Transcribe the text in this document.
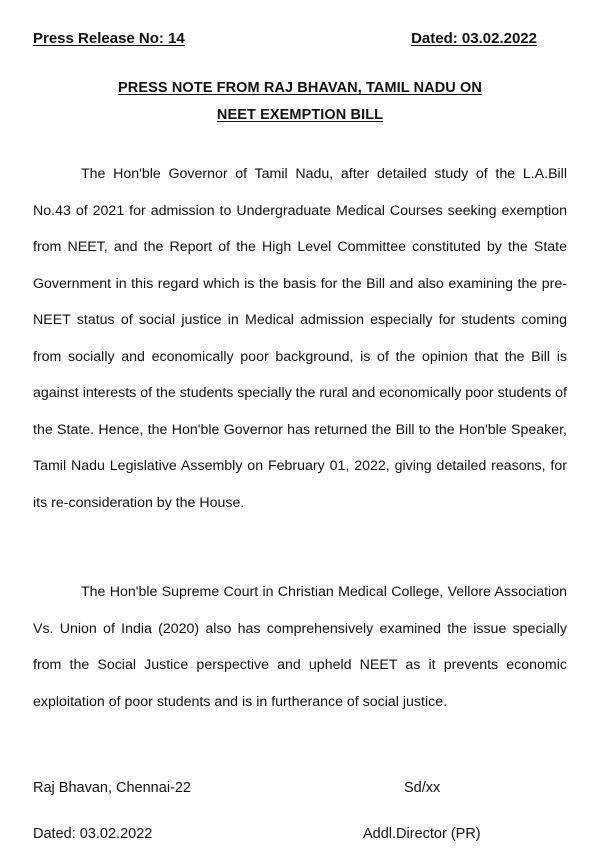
Press Release No: 14	Dated: 03.02.2022
PRESS NOTE FROM RAJ BHAVAN, TAMIL NADU ON
NEET EXEMPTION BILL

The Hon'ble Governor of Tamil Nadu, after detailed study of the L.A.Bill No.43 of 2021 for admission to Undergraduate Medical Courses seeking exemption from NEET, and the Report of the High Level Committee constituted by the State Government in this regard which is the basis for the Bill and also examining the pre-NEET status of social justice in Medical admission especially for students coming from socially and economically poor background, is of the opinion that the Bill is against interests of the students specially the rural and economically poor students of the State. Hence, the Hon'ble Governor has returned the Bill to the Hon'ble Speaker, Tamil Nadu Legislative Assembly on February 01, 2022, giving detailed reasons, for its re-consideration by the House.

The Hon'ble Supreme Court in Christian Medical College, Vellore Association Vs. Union of India (2020) also has comprehensively examined the issue specially from the Social Justice perspective and upheld NEET as it prevents economic exploitation of poor students and is in furtherance of social justice.

Raj Bhavan, Chennai-22	Sd/xx
Dated: 03.02.2022	Addl.Director (PR)
